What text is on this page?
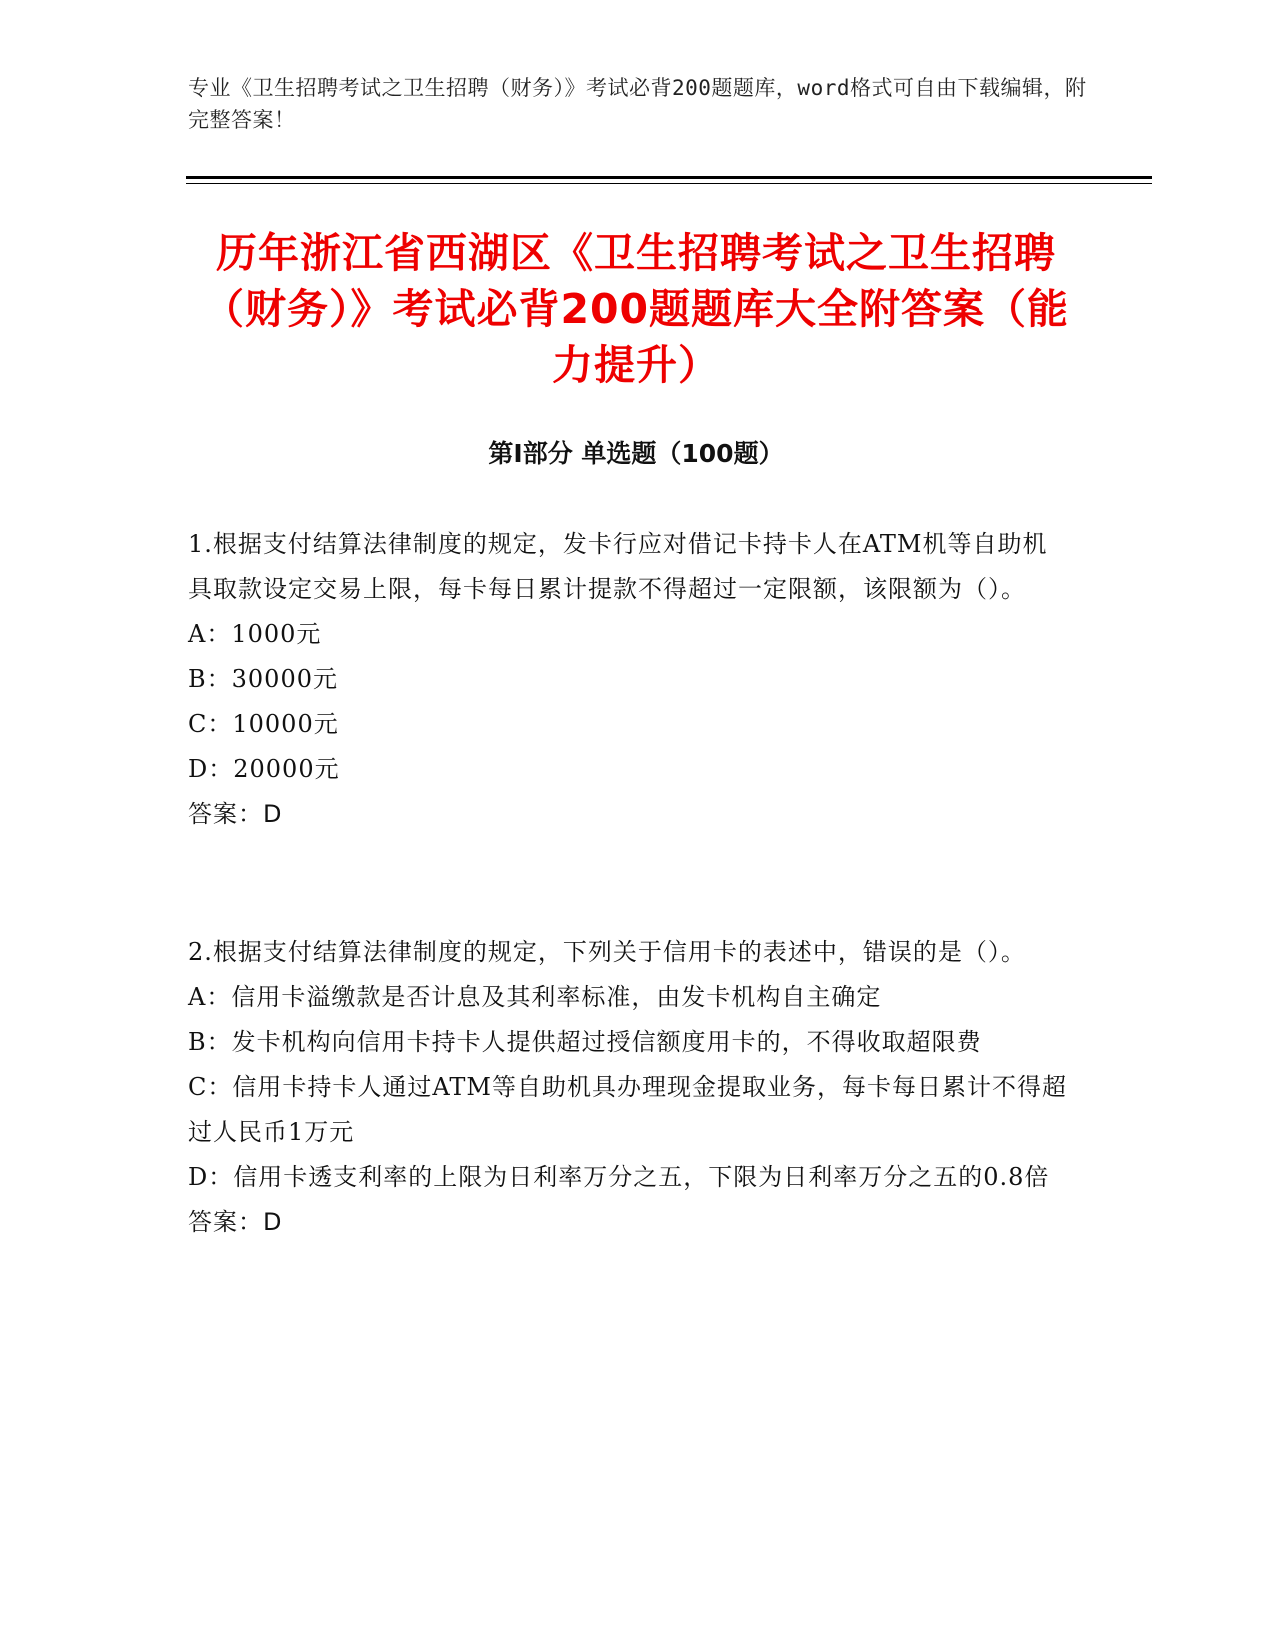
专业《卫生招聘考试之卫生招聘（财务）》考试必背200题题库，word格式可自由下载编辑，附完整答案！
历年浙江省西湖区《卫生招聘考试之卫生招聘（财务）》考试必背200题题库大全附答案（能力提升）
第I部分 单选题（100题）
1.根据支付结算法律制度的规定，发卡行应对借记卡持卡人在ATM机等自助机具取款设定交易上限，每卡每日累计提款不得超过一定限额，该限额为（）。
A：1000元
B：30000元
C：10000元
D：20000元
答案：D
2.根据支付结算法律制度的规定，下列关于信用卡的表述中，错误的是（）。
A：信用卡溢缴款是否计息及其利率标准，由发卡机构自主确定
B：发卡机构向信用卡持卡人提供超过授信额度用卡的，不得收取超限费
C：信用卡持卡人通过ATM等自助机具办理现金提取业务，每卡每日累计不得超过人民币1万元
D：信用卡透支利率的上限为日利率万分之五，下限为日利率万分之五的0.8倍
答案：D
